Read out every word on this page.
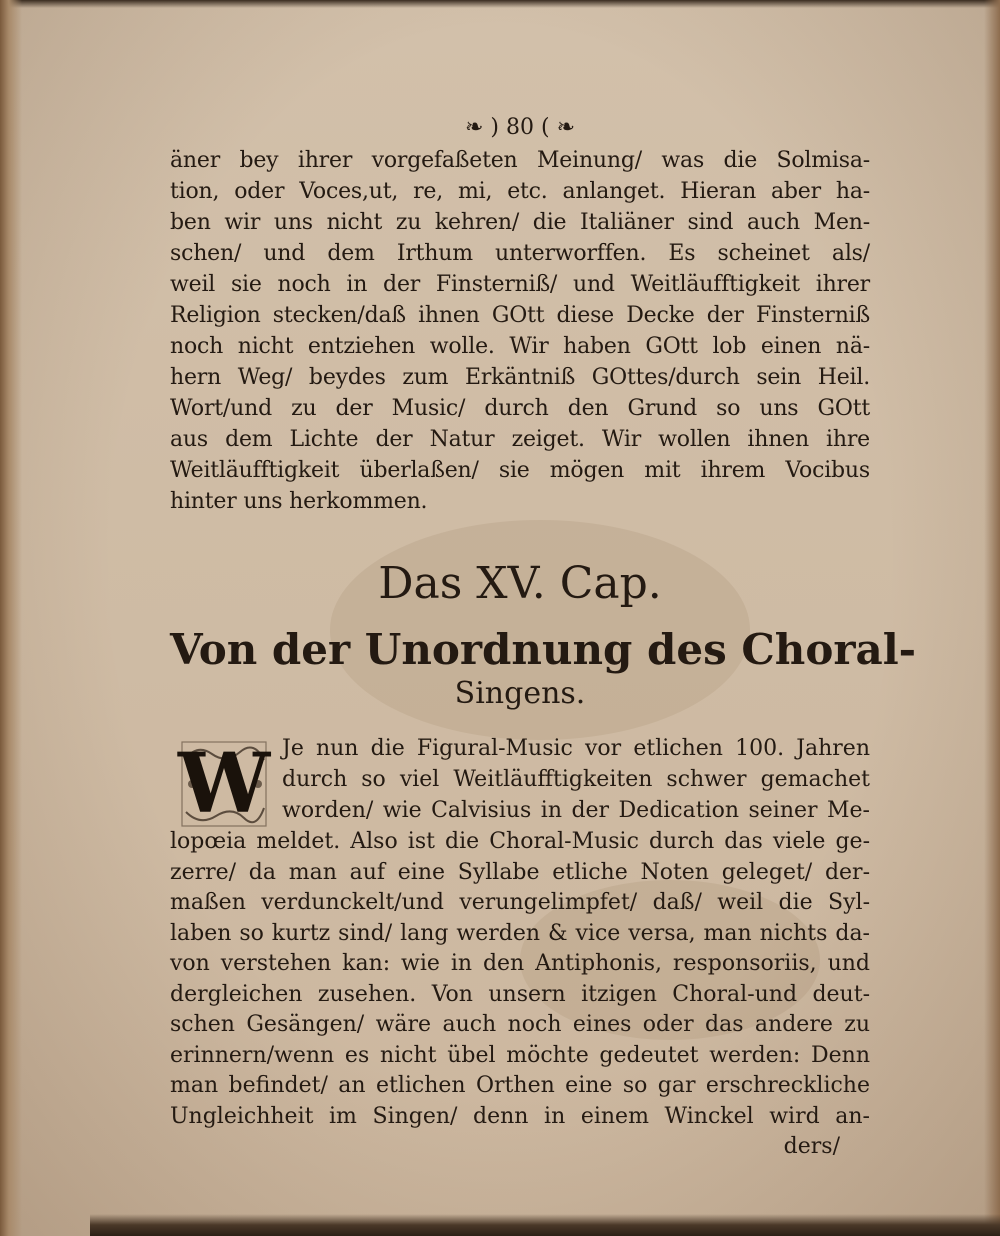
❧ ) 80 ( ❧
äner bey ihrer vorgefaßeten Meinung/ was die Solmisa-
tion, oder Voces,ut, re, mi, etc. anlanget. Hieran aber ha-
ben wir uns nicht zu kehren/ die Italiäner sind auch Men-
schen/ und dem Irthum unterworffen. Es scheinet als/
weil sie noch in der Finsterniß/ und Weitläufftigkeit ihrer
Religion stecken/daß ihnen GOtt diese Decke der Finsterniß
noch nicht entziehen wolle. Wir haben GOtt lob einen nä-
hern Weg/ beydes zum Erkäntniß GOttes/durch sein Heil.
Wort/und zu der Music/ durch den Grund so uns GOtt
aus dem Lichte der Natur zeiget. Wir wollen ihnen ihre
Weitläufftigkeit überlaßen/ sie mögen mit ihrem Vocibus
hinter uns herkommen.
Das XV. Cap.
Von der Unordnung des Choral-
Singens.
W Je nun die Figural-Music vor etlichen 100. Jahren
durch so viel Weitläufftigkeiten schwer gemachet
worden/ wie Calvisius in der Dedication seiner Me-
lopœia meldet. Also ist die Choral-Music durch das viele ge-
zerre/ da man auf eine Syllabe etliche Noten geleget/ der-
maßen verdunckelt/und verungelimpfet/ daß/ weil die Syl-
laben so kurtz sind/ lang werden & vice versa, man nichts da-
von verstehen kan: wie in den Antiphonis, responsoriis, und
dergleichen zusehen. Von unsern itzigen Choral-und deut-
schen Gesängen/ wäre auch noch eines oder das andere zu
erinnern/wenn es nicht übel möchte gedeutet werden: Denn
man befindet/ an etlichen Orthen eine so gar erschreckliche
Ungleichheit im Singen/ denn in einem Winckel wird an-
ders/
